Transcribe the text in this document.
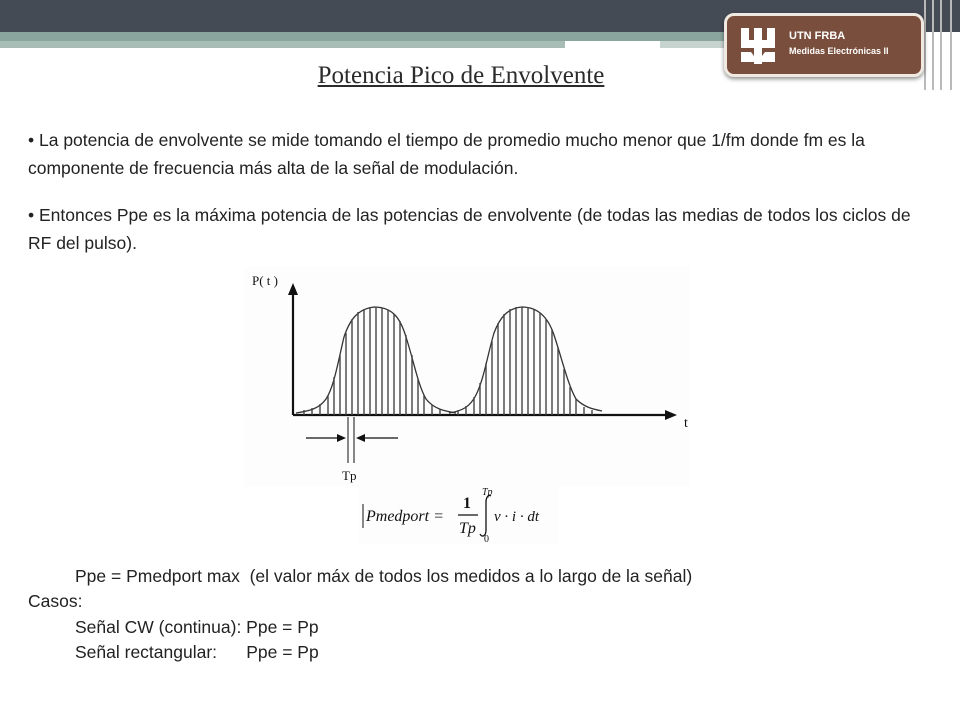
UTN FRBA
Medidas Electrónicas II
Potencia Pico de Envolvente

• La potencia de envolvente se mide tomando el tiempo de promedio mucho menor que 1/fm donde fm es la componente de frecuencia más alta de la señal de modulación.

• Entonces Ppe es la máxima potencia de las potencias de envolvente (de todas las medias de todos los ciclos de RF del pulso).

P( t )
t
Tp
Pmedport =
1
Tp
Tp
0
v · i · dt

Ppe = Pmedport max  (el valor máx de todos los medidos a lo largo de la señal)

Casos:

Señal CW (continua): Ppe = Pp

Señal rectangular:      Ppe = Pp
